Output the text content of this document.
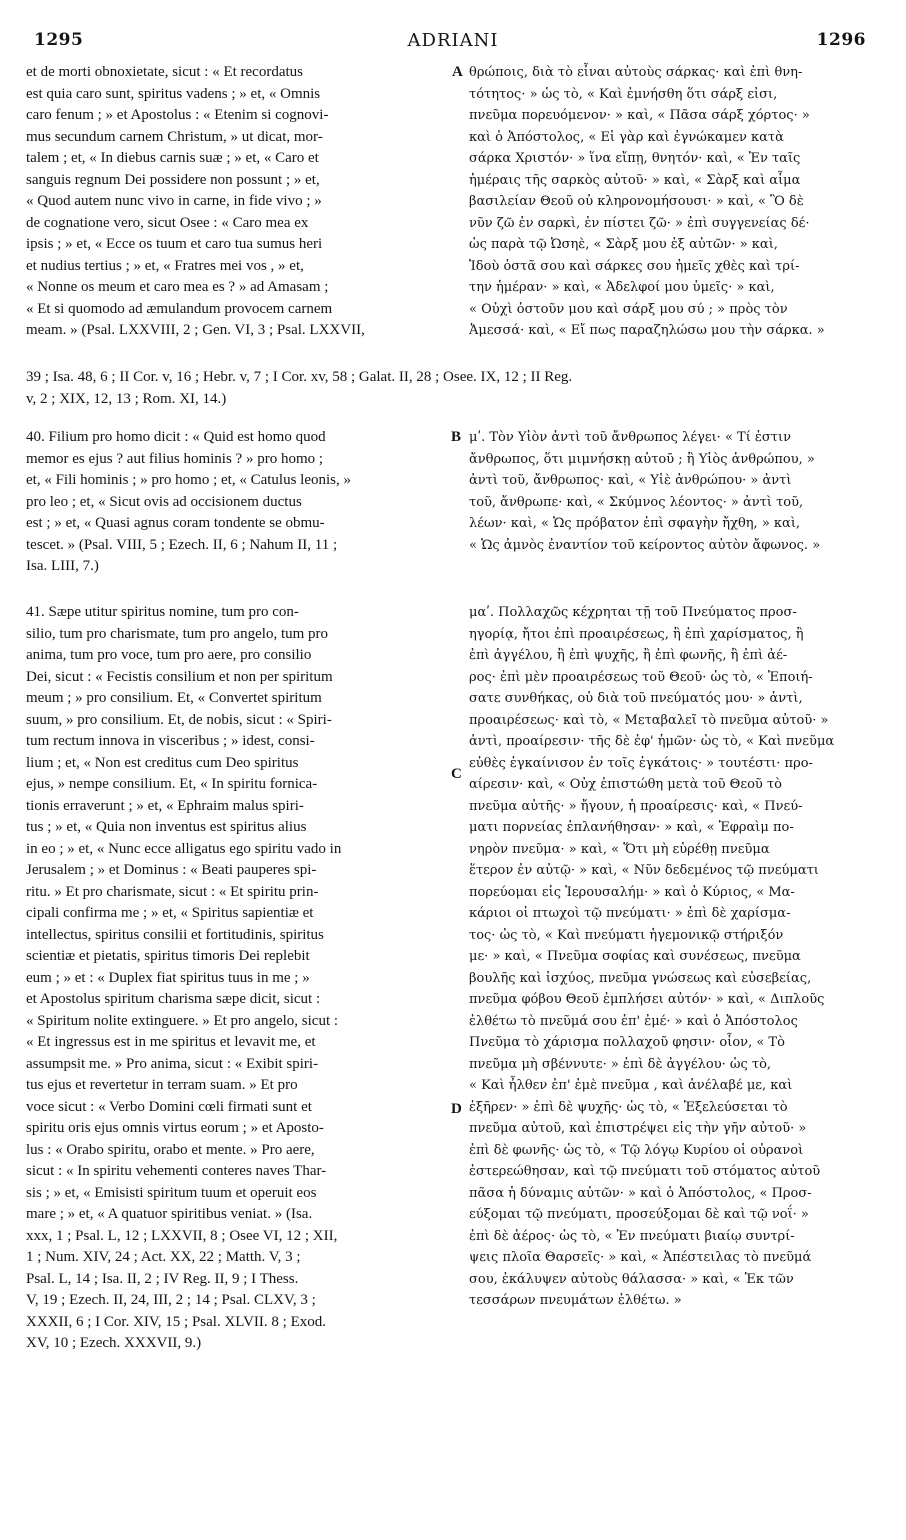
ADRIANI
1295	1296
et de morti obnoxietate, sicut : « Et recordatus
est quia caro sunt, spiritus vadens ; » et, « Omnis
caro fenum ; » et Apostolus : « Etenim si cognovi-
mus secundum carnem Christum, » ut dicat, mor-
talem ; et, « In diebus carnis suæ ; » et, « Caro et
sanguis regnum Dei possidere non possunt ; » et,
« Quod autem nunc vivo in carne, in fide vivo ; »
de cognatione vero, sicut Osee : « Caro mea ex
ipsis ; » et, « Ecce os tuum et caro tua sumus heri
et nudius tertius ; » et, « Fratres mei vos , » et,
« Nonne os meum et caro mea es ? » ad Amasam ;
« Et si quomodo ad æmulandum provocem carnem
meam. » (Psal. LXXVIII, 2 ; Gen. VI, 3 ; Psal. LXXVII,
θρώποις, διὰ τὸ εἶναι αὐτοὺς σάρκας· καὶ ἐπὶ θνη-
τότητος· » ὡς τὸ, « Καὶ ἐμνήσθη ὅτι σάρξ εἰσι,
πνεῦμα πορευόμενον· » καὶ, « Πᾶσα σάρξ χόρτος· »
καὶ ὁ Ἀπόστολος, « Εἰ γὰρ καὶ ἐγνώκαμεν κατὰ
σάρκα Χριστόν· » ἵνα εἴπῃ, θνητόν· καὶ, « Ἐν ταῖς
ἡμέραις τῆς σαρκὸς αὐτοῦ· » καὶ, « Σὰρξ καὶ αἷμα
βασιλείαν Θεοῦ οὐ κληρονομήσουσι· » καὶ, « Ὃ δὲ
νῦν ζῶ ἐν σαρκὶ, ἐν πίστει ζῶ· » ἐπὶ συγγενείας δέ·
ὡς παρὰ τῷ Ὠσηὲ, « Σὰρξ μου ἐξ αὐτῶν· » καὶ,
Ἰδοὺ ὀστᾶ σου καὶ σάρκες σου ἡμεῖς χθὲς καὶ τρί-
την ἡμέραν· » καὶ, « Ἀδελφοί μου ὑμεῖς· » καὶ,
« Οὐχὶ ὀστοῦν μου καὶ σάρξ μου σύ ; » πρὸς τὸν
Ἀμεσσά· καὶ, « Εἴ πως παραζηλώσω μου τὴν σάρκα. »
39 ; Isa. 48, 6 ; II Cor. v, 16 ; Hebr. v, 7 ; I Cor. xv, 58 ; Galat. II, 28 ; Osee. IX, 12 ; II Reg.
v, 2 ; XIX, 12, 13 ; Rom. XI, 14.)
40. Filium pro homo dicit : « Quid est homo quod
memor es ejus ? aut filius hominis ? » pro homo ;
et, « Fili hominis ; » pro homo ; et, « Catulus leonis, »
pro leo ; et, « Sicut ovis ad occisionem ductus
est ; » et, « Quasi agnus coram tondente se obmu-
tescet. » (Psal. VIII, 5 ; Ezech. II, 6 ; Nahum II, 11 ;
Isa. LIII, 7.)
μʹ. Τὸν Υἱὸν ἀντὶ τοῦ ἄνθρωπος λέγει· « Τί ἐστιν
ἄνθρωπος, ὅτι μιμνήσκῃ αὐτοῦ ; ἢ Υἱὸς ἀνθρώπου, »
ἀντὶ τοῦ, ἄνθρωπος· καὶ, « Υἱὲ ἀνθρώπου· » ἀντὶ
τοῦ, ἄνθρωπε· καὶ, « Σκύμνος λέοντος· » ἀντὶ τοῦ,
λέων· καὶ, « Ὡς πρόβατον ἐπὶ σφαγὴν ἤχθη, » καὶ,
« Ὡς ἀμνὸς ἐναντίον τοῦ κείροντος αὐτὸν ἄφωνος. »
41. Sæpe utitur spiritus nomine, tum pro con-
silio, tum pro charismate, tum pro angelo, tum pro
anima, tum pro voce, tum pro aere, pro consilio
Dei, sicut : « Fecistis consilium et non per spiritum
meum ; » pro consilium. Et, « Convertet spiritum
suum, » pro consilium. Et, de nobis, sicut : « Spiri-
tum rectum innova in visceribus ; » idest, consi-
lium ; et, « Non est creditus cum Deo spiritus
ejus, » nempe consilium. Et, « In spiritu fornica-
tionis erraverunt ; » et, « Ephraim malus spiri-
tus ; » et, « Quia non inventus est spiritus alius
in eo ; » et, « Nunc ecce alligatus ego spiritu vado in
Jerusalem ; » et Dominus : « Beati pauperes spi-
ritu. » Et pro charismate, sicut : « Et spiritu prin-
cipali confirma me ; » et, « Spiritus sapientiæ et
intellectus, spiritus consilii et fortitudinis, spiritus
scientiæ et pietatis, spiritus timoris Dei replebit
eum ; » et : « Duplex fiat spiritus tuus in me ; »
et Apostolus spiritum charisma sæpe dicit, sicut :
« Spiritum nolite extinguere. » Et pro angelo, sicut :
« Et ingressus est in me spiritus et levavit me, et
assumpsit me. » Pro anima, sicut : « Exibit spiri-
tus ejus et revertetur in terram suam. » Et pro
voce sicut : « Verbo Domini cœli firmati sunt et
spiritu oris ejus omnis virtus eorum ; » et Aposto-
lus : « Orabo spiritu, orabo et mente. » Pro aere,
sicut : « In spiritu vehementi conteres naves Thar-
sis ; » et, « Emisisti spiritum tuum et operuit eos
mare ; » et, « A quatuor spiritibus veniat. » (Isa.
xxx, 1 ; Psal. L, 12 ; LXXVII, 8 ; Osee VI, 12 ; XII,
1 ; Num. XIV, 24 ; Act. XX, 22 ; Matth. V, 3 ;
Psal. L, 14 ; Isa. II, 2 ; IV Reg. II, 9 ; I Thess.
V, 19 ; Ezech. II, 24, III, 2 ; 14 ; Psal. CLXV, 3 ;
XXXII, 6 ; I Cor. XIV, 15 ; Psal. XLVII. 8 ; Exod.
XV, 10 ; Ezech. XXXVII, 9.)
μαʹ. Πολλαχῶς κέχρηται τῇ τοῦ Πνεύματος προσ-
ηγορίᾳ, ἤτοι ἐπὶ προαιρέσεως, ἢ ἐπὶ χαρίσματος, ἢ
ἐπὶ ἀγγέλου, ἢ ἐπὶ ψυχῆς, ἢ ἐπὶ φωνῆς, ἢ ἐπὶ ἀέ-
ρος· ἐπὶ μὲν προαιρέσεως τοῦ Θεοῦ· ὡς τὸ, « Ἐποιή-
σατε συνθήκας, οὐ διὰ τοῦ πνεύματός μου· » ἀντὶ,
προαιρέσεως· καὶ τὸ, « Μεταβαλεῖ τὸ πνεῦμα αὐτοῦ· »
ἀντὶ, προαίρεσιν· τῆς δὲ ἐφ' ἡμῶν· ὡς τὸ, « Καὶ πνεῦμα
εὐθὲς ἐγκαίνισον ἐν τοῖς ἐγκάτοις· » τουτέστι· προ-
αίρεσιν· καὶ, « Οὐχ ἐπιστώθη μετὰ τοῦ Θεοῦ τὸ
πνεῦμα αὐτῆς· » ἤγουν, ἡ προαίρεσις· καὶ, « Πνεύ-
ματι πορνείας ἐπλανήθησαν· » καὶ, « Ἐφραὶμ πο-
νηρὸν πνεῦμα· » καὶ, « Ὅτι μὴ εὑρέθῃ πνεῦμα
ἕτερον ἐν αὐτῷ· » καὶ, « Νῦν δεδεμένος τῷ πνεύματι
πορεύομαι εἰς Ἱερουσαλήμ· » καὶ ὁ Κύριος, « Μα-
κάριοι οἱ πτωχοὶ τῷ πνεύματι· » ἐπὶ δὲ χαρίσμα-
τος· ὡς τὸ, « Καὶ πνεύματι ἡγεμονικῷ στήριξόν
με· » καὶ, « Πνεῦμα σοφίας καὶ συνέσεως, πνεῦμα
βουλῆς καὶ ἰσχύος, πνεῦμα γνώσεως καὶ εὐσεβείας,
πνεῦμα φόβου Θεοῦ ἐμπλήσει αὐτόν· » καὶ, « Διπλοῦς
ἐλθέτω τὸ πνεῦμά σου ἐπ' ἐμέ· » καὶ ὁ Ἀπόστολος
Πνεῦμα τὸ χάρισμα πολλαχοῦ φησιν· οἷον, « Τὸ
πνεῦμα μὴ σβέννυτε· » ἐπὶ δὲ ἀγγέλου· ὡς τὸ,
« Καὶ ἦλθεν ἐπ' ἐμὲ πνεῦμα , καὶ ἀνέλαβέ με, καὶ
ἐξῆρεν· » ἐπὶ δὲ ψυχῆς· ὡς τὸ, « Ἐξελεύσεται τὸ
πνεῦμα αὐτοῦ, καὶ ἐπιστρέψει εἰς τὴν γῆν αὐτοῦ· »
ἐπὶ δὲ φωνῆς· ὡς τὸ, « Τῷ λόγῳ Κυρίου οἱ οὐρανοὶ
ἐστερεώθησαν, καὶ τῷ πνεύματι τοῦ στόματος αὐτοῦ
πᾶσα ἡ δύναμις αὐτῶν· » καὶ ὁ Ἀπόστολος, « Προσ-
εύξομαι τῷ πνεύματι, προσεύξομαι δὲ καὶ τῷ νοΐ· »
ἐπὶ δὲ ἀέρος· ὡς τὸ, « Ἐν πνεύματι βιαίῳ συντρί-
ψεις πλοῖα Θαρσεῖς· » καὶ, « Ἀπέστειλας τὸ πνεῦμά
σου, ἐκάλυψεν αὐτοὺς θάλασσα· » καὶ, « Ἐκ τῶν
τεσσάρων πνευμάτων ἐλθέτω. »
A
B
C
D
